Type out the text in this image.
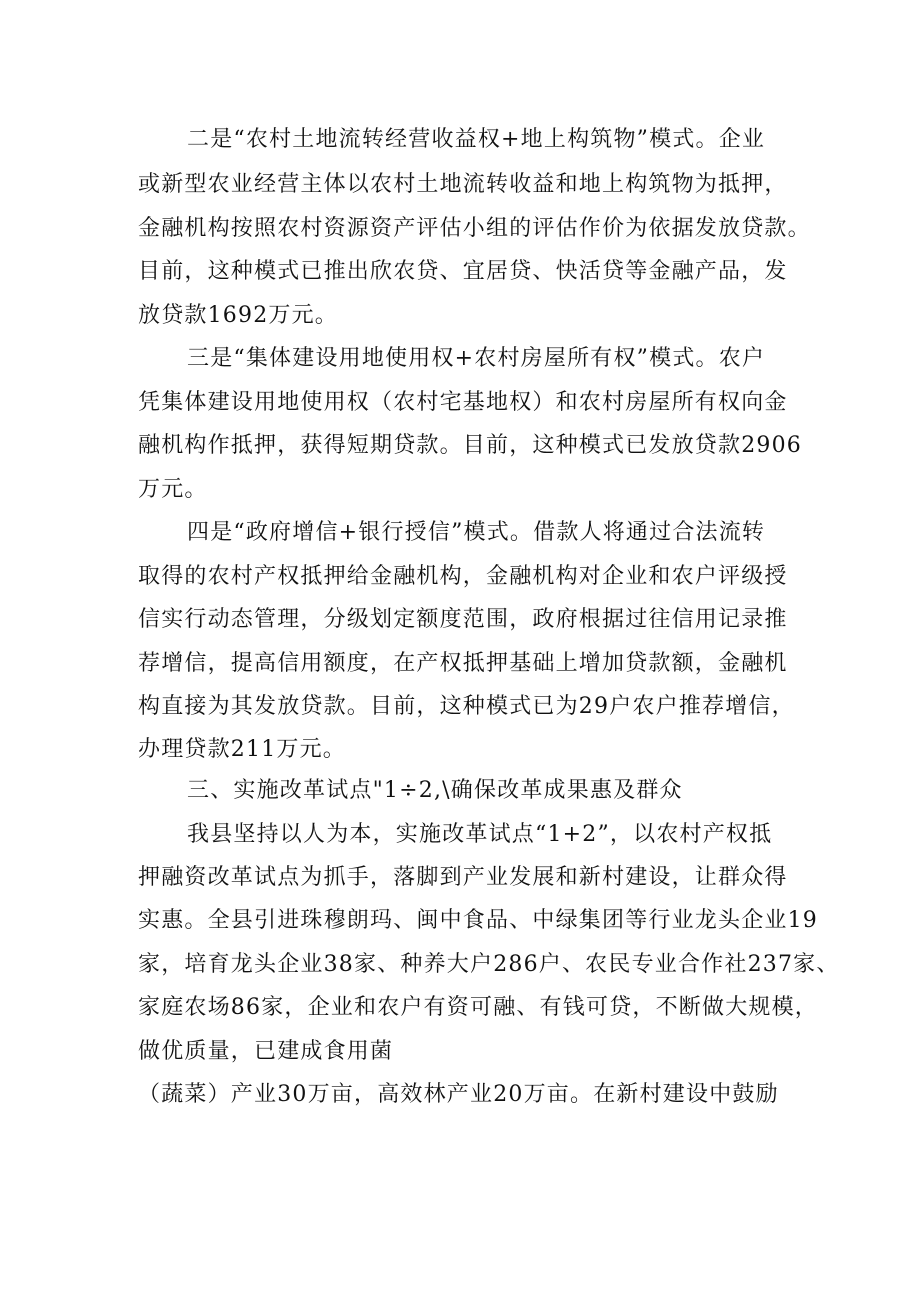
二是“农村土地流转经营收益权+地上构筑物”模式。企业

或新型农业经营主体以农村土地流转收益和地上构筑物为抵押，

金融机构按照农村资源资产评估小组的评估作价为依据发放贷款。

目前，这种模式已推出欣农贷、宜居贷、快活贷等金融产品，发

放贷款1692万元。

三是“集体建设用地使用权+农村房屋所有权”模式。农户

凭集体建设用地使用权（农村宅基地权）和农村房屋所有权向金

融机构作抵押，获得短期贷款。目前，这种模式已发放贷款2906

万元。

四是“政府增信+银行授信”模式。借款人将通过合法流转

取得的农村产权抵押给金融机构，金融机构对企业和农户评级授

信实行动态管理，分级划定额度范围，政府根据过往信用记录推

荐增信，提高信用额度，在产权抵押基础上增加贷款额，金融机

构直接为其发放贷款。目前，这种模式已为29户农户推荐增信，

办理贷款211万元。

三、实施改革试点"1÷2,\确保改革成果惠及群众

我县坚持以人为本，实施改革试点“1+2”，以农村产权抵

押融资改革试点为抓手，落脚到产业发展和新村建设，让群众得

实惠。全县引进珠穆朗玛、闽中食品、中绿集团等行业龙头企业19

家，培育龙头企业38家、种养大户286户、农民专业合作社237家、

家庭农场86家，企业和农户有资可融、有钱可贷，不断做大规模，

做优质量，已建成食用菌

（蔬菜）产业30万亩，高效林产业20万亩。在新村建设中鼓励
